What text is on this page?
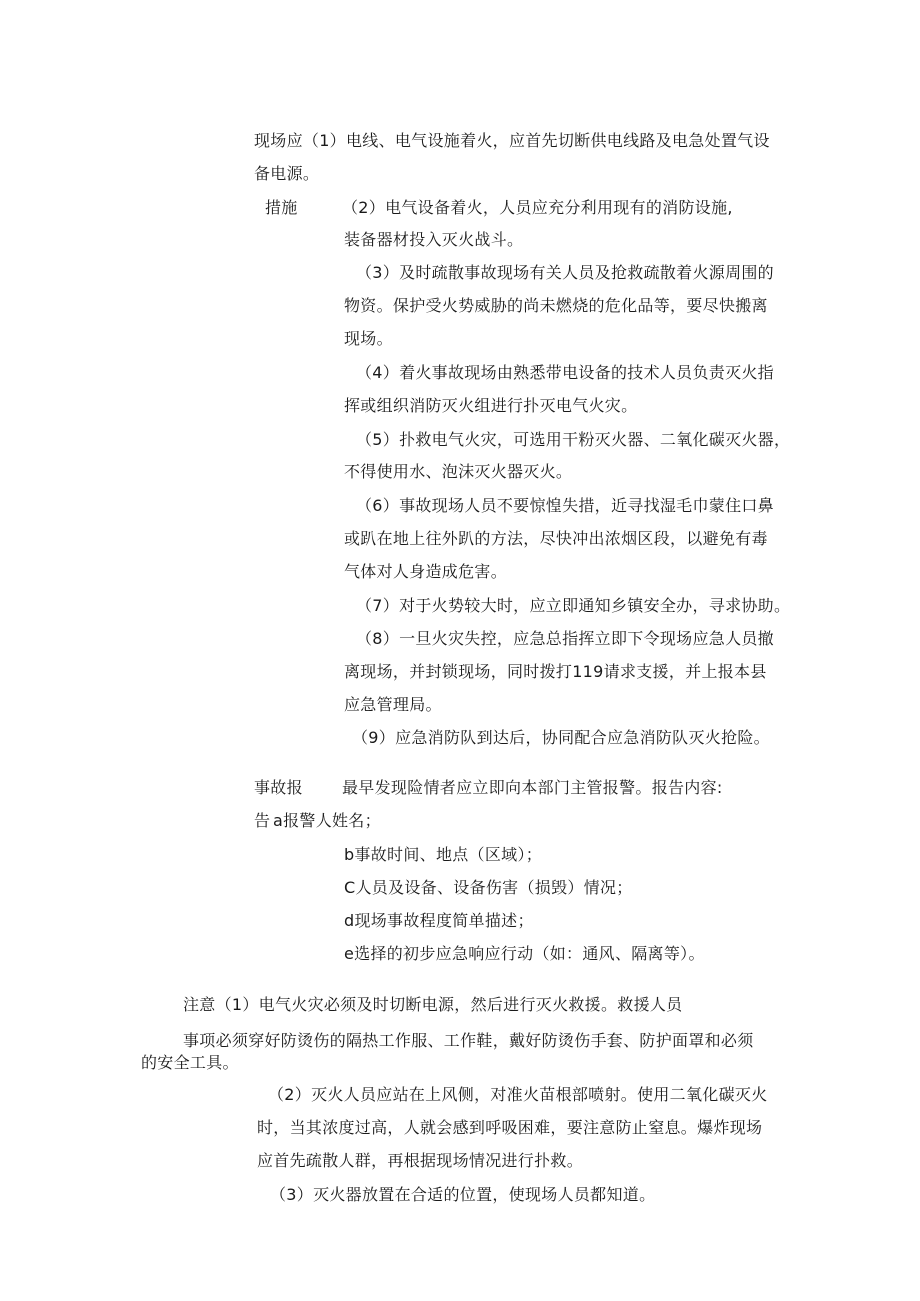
现场应（1）电线、电气设施着火，应首先切断供电线路及电急处置气设
备电源。
措施	（2）电气设备着火，人员应充分利用现有的消防设施,
装备器材投入灭火战斗。
（3）及时疏散事故现场有关人员及抢救疏散着火源周围的
物资。保护受火势威胁的尚未燃烧的危化品等，要尽快搬离
现场。
（4）着火事故现场由熟悉带电设备的技术人员负责灭火指
挥或组织消防灭火组进行扑灭电气火灾。
（5）扑救电气火灾，可选用干粉灭火器、二氧化碳灭火器，
不得使用水、泡沫灭火器灭火。
（6）事故现场人员不要惊惶失措，近寻找湿毛巾蒙住口鼻
或趴在地上往外趴的方法，尽快冲出浓烟区段，以避免有毒
气体对人身造成危害。
（7）对于火势较大时，应立即通知乡镇安全办，寻求协助。
（8）一旦火灾失控，应急总指挥立即下令现场应急人员撤
离现场，并封锁现场，同时拨打119请求支援，并上报本县
应急管理局。
（9）应急消防队到达后，协同配合应急消防队灭火抢险。
事故报 最早发现险情者应立即向本部门主管报警。报告内容:
告 a报警人姓名；
b事故时间、地点（区域）；
C人员及设备、设备伤害（损毁）情况；
d现场事故程度简单描述；
e选择的初步应急响应行动（如：通风、隔离等）。
注意（1）电气火灾必须及时切断电源，然后进行灭火救援。救援人员
事项必须穿好防烫伤的隔热工作服、工作鞋，戴好防烫伤手套、防护面罩和必须
的安全工具。
（2）灭火人员应站在上风侧，对准火苗根部喷射。使用二氧化碳灭火
时，当其浓度过高，人就会感到呼吸困难，要注意防止窒息。爆炸现场
应首先疏散人群，再根据现场情况进行扑救。
（3）灭火器放置在合适的位置，使现场人员都知道。
